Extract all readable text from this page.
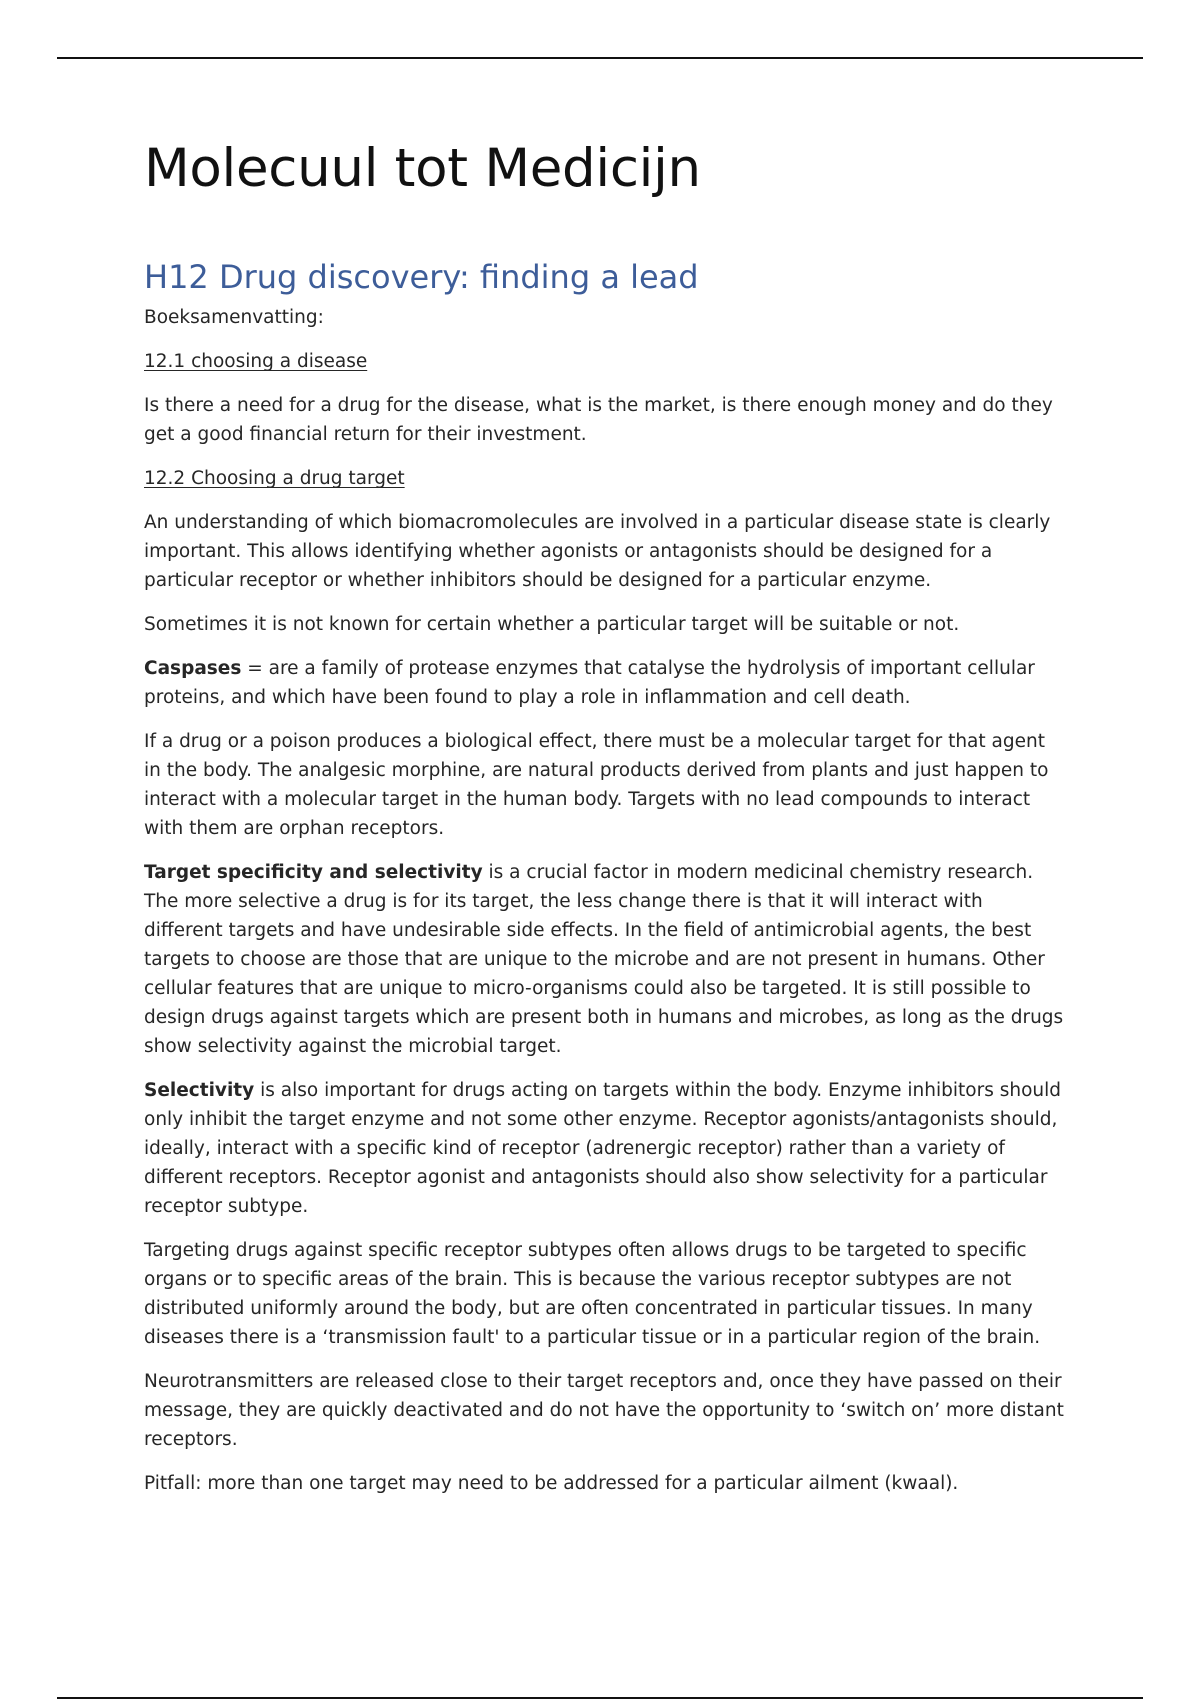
Molecuul tot Medicijn
H12 Drug discovery: finding a lead

Boeksamenvatting:

12.1 choosing a disease

Is there a need for a drug for the disease, what is the market, is there enough money and do they get a good financial return for their investment.

12.2 Choosing a drug target

An understanding of which biomacromolecules are involved in a particular disease state is clearly important. This allows identifying whether agonists or antagonists should be designed for a particular receptor or whether inhibitors should be designed for a particular enzyme.

Sometimes it is not known for certain whether a particular target will be suitable or not.

Caspases = are a family of protease enzymes that catalyse the hydrolysis of important cellular proteins, and which have been found to play a role in inflammation and cell death.

If a drug or a poison produces a biological effect, there must be a molecular target for that agent in the body. The analgesic morphine, are natural products derived from plants and just happen to interact with a molecular target in the human body. Targets with no lead compounds to interact with them are orphan receptors.

Target specificity and selectivity is a crucial factor in modern medicinal chemistry research. The more selective a drug is for its target, the less change there is that it will interact with different targets and have undesirable side effects. In the field of antimicrobial agents, the best targets to choose are those that are unique to the microbe and are not present in humans. Other cellular features that are unique to micro-organisms could also be targeted. It is still possible to design drugs against targets which are present both in humans and microbes, as long as the drugs show selectivity against the microbial target.

Selectivity is also important for drugs acting on targets within the body. Enzyme inhibitors should only inhibit the target enzyme and not some other enzyme. Receptor agonists/antagonists should, ideally, interact with a specific kind of receptor (adrenergic receptor) rather than a variety of different receptors. Receptor agonist and antagonists should also show selectivity for a particular receptor subtype.

Targeting drugs against specific receptor subtypes often allows drugs to be targeted to specific organs or to specific areas of the brain. This is because the various receptor subtypes are not distributed uniformly around the body, but are often concentrated in particular tissues. In many diseases there is a ‘transmission fault' to a particular tissue or in a particular region of the brain.

Neurotransmitters are released close to their target receptors and, once they have passed on their message, they are quickly deactivated and do not have the opportunity to ‘switch on’ more distant receptors.

Pitfall: more than one target may need to be addressed for a particular ailment (kwaal).
